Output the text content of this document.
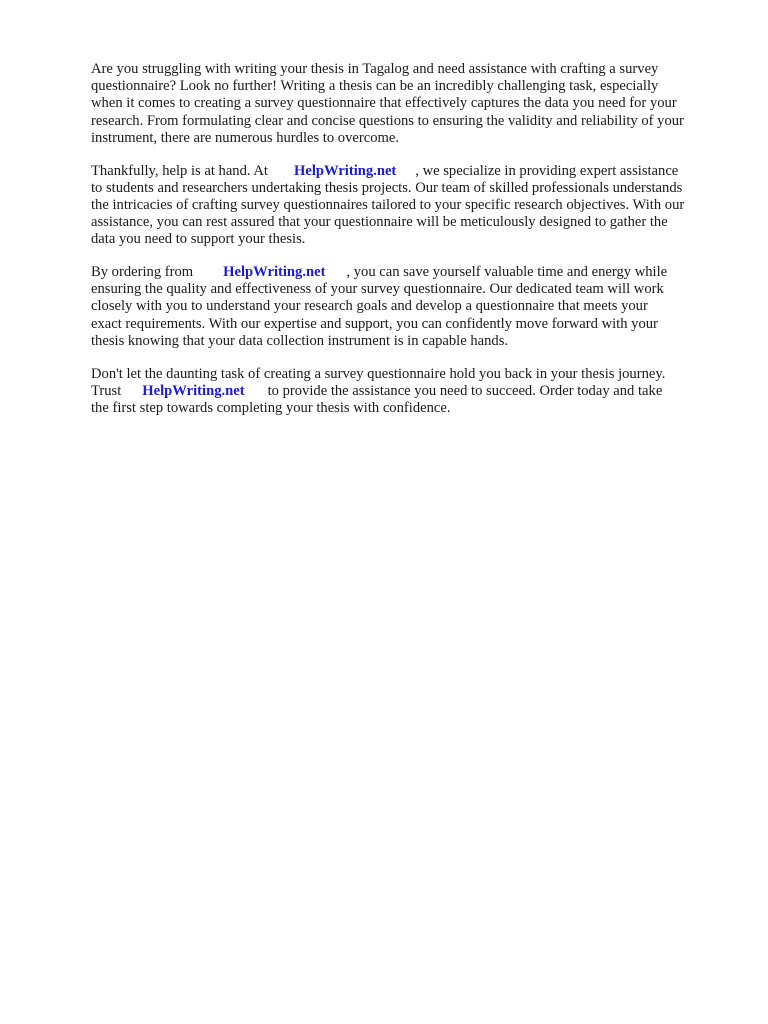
Are you struggling with writing your thesis in Tagalog and need assistance with crafting a survey
questionnaire? Look no further! Writing a thesis can be an incredibly challenging task, especially
when it comes to creating a survey questionnaire that effectively captures the data you need for your
research. From formulating clear and concise questions to ensuring the validity and reliability of your
instrument, there are numerous hurdles to overcome.

Thankfully, help is at hand. At HelpWriting.net , we specialize in providing expert assistance
to students and researchers undertaking thesis projects. Our team of skilled professionals understands
the intricacies of crafting survey questionnaires tailored to your specific research objectives. With our
assistance, you can rest assured that your questionnaire will be meticulously designed to gather the
data you need to support your thesis.

By ordering from HelpWriting.net , you can save yourself valuable time and energy while
ensuring the quality and effectiveness of your survey questionnaire. Our dedicated team will work
closely with you to understand your research goals and develop a questionnaire that meets your
exact requirements. With our expertise and support, you can confidently move forward with your
thesis knowing that your data collection instrument is in capable hands.

Don't let the daunting task of creating a survey questionnaire hold you back in your thesis journey.
Trust HelpWriting.net to provide the assistance you need to succeed. Order today and take
the first step towards completing your thesis with confidence.
